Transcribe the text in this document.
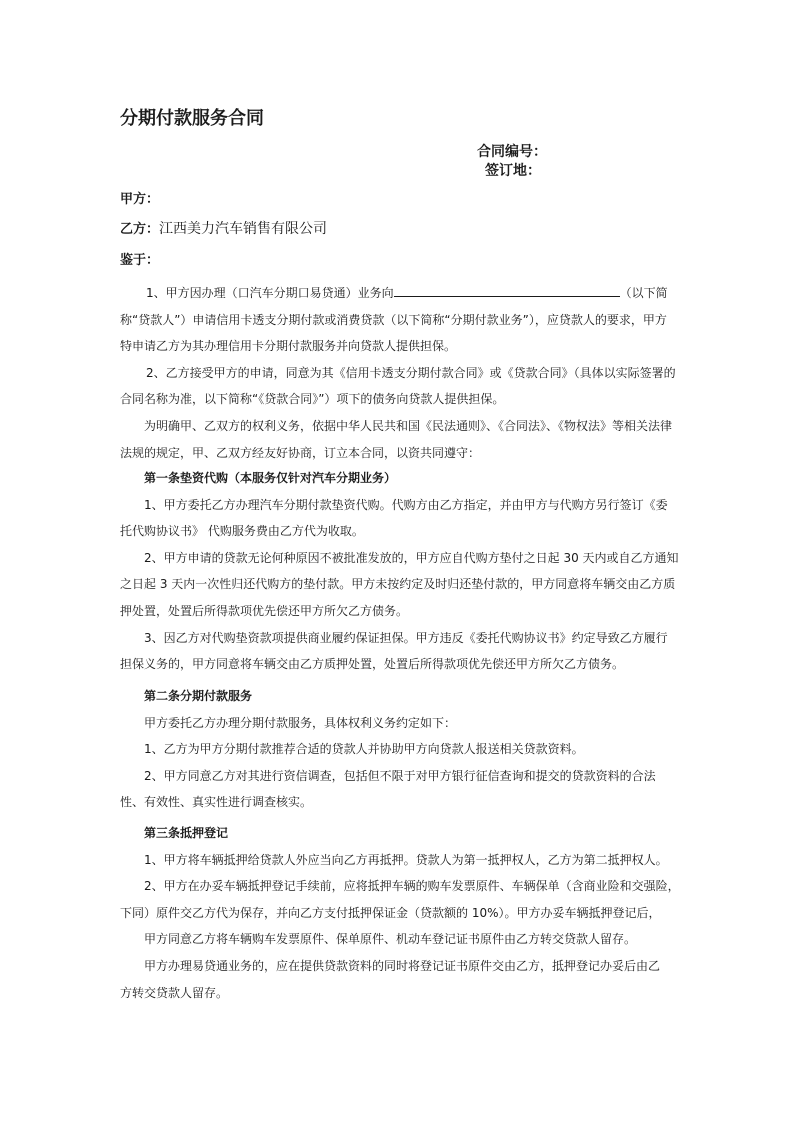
分期付款服务合同
合同编号：
签订地：
甲方：
乙方：江西美力汽车销售有限公司
鉴于：

1、甲方因办理（口汽车分期口易贷通）业务向	（以下简

称“贷款人”）申请信用卡透支分期付款或消费贷款（以下简称“分期付款业务”），应贷款人的要求，甲方

特申请乙方为其办理信用卡分期付款服务并向贷款人提供担保。

2、乙方接受甲方的申请，同意为其《信用卡透支分期付款合同》或《贷款合同》（具体以实际签署的

合同名称为准，以下简称“《贷款合同》”）项下的债务向贷款人提供担保。

为明确甲、乙双方的权利义务，依据中华人民共和国《民法通则》、《合同法》、《物权法》等相关法律

法规的规定，甲、乙双方经友好协商，订立本合同，以资共同遵守：

第一条垫资代购（本服务仅针对汽车分期业务）

1、甲方委托乙方办理汽车分期付款垫资代购。代购方由乙方指定，并由甲方与代购方另行签订《委

托代购协议书》 代购服务费由乙方代为收取。

2、甲方申请的贷款无论何种原因不被批准发放的，甲方应自代购方垫付之日起 30 天内或自乙方通知

之日起 3 天内一次性归还代购方的垫付款。甲方未按约定及时归还垫付款的，甲方同意将车辆交由乙方质

押处置，处置后所得款项优先偿还甲方所欠乙方债务。

3、因乙方对代购垫资款项提供商业履约保证担保。甲方违反《委托代购协议书》约定导致乙方履行

担保义务的，甲方同意将车辆交由乙方质押处置，处置后所得款项优先偿还甲方所欠乙方债务。

第二条分期付款服务

甲方委托乙方办理分期付款服务，具体权利义务约定如下：

1、乙方为甲方分期付款推荐合适的贷款人并协助甲方向贷款人报送相关贷款资料。

2、甲方同意乙方对其进行资信调查，包括但不限于对甲方银行征信查询和提交的贷款资料的合法

性、有效性、真实性进行调查核实。

第三条抵押登记

1、甲方将车辆抵押给贷款人外应当向乙方再抵押。贷款人为第一抵押权人，乙方为第二抵押权人。

2、甲方在办妥车辆抵押登记手续前，应将抵押车辆的购车发票原件、车辆保单（含商业险和交强险，

下同）原件交乙方代为保存，并向乙方支付抵押保证金（贷款额的 10%）。甲方办妥车辆抵押登记后，

甲方同意乙方将车辆购车发票原件、保单原件、机动车登记证书原件由乙方转交贷款人留存。

甲方办理易贷通业务的，应在提供贷款资料的同时将登记证书原件交由乙方，抵押登记办妥后由乙

方转交贷款人留存。
